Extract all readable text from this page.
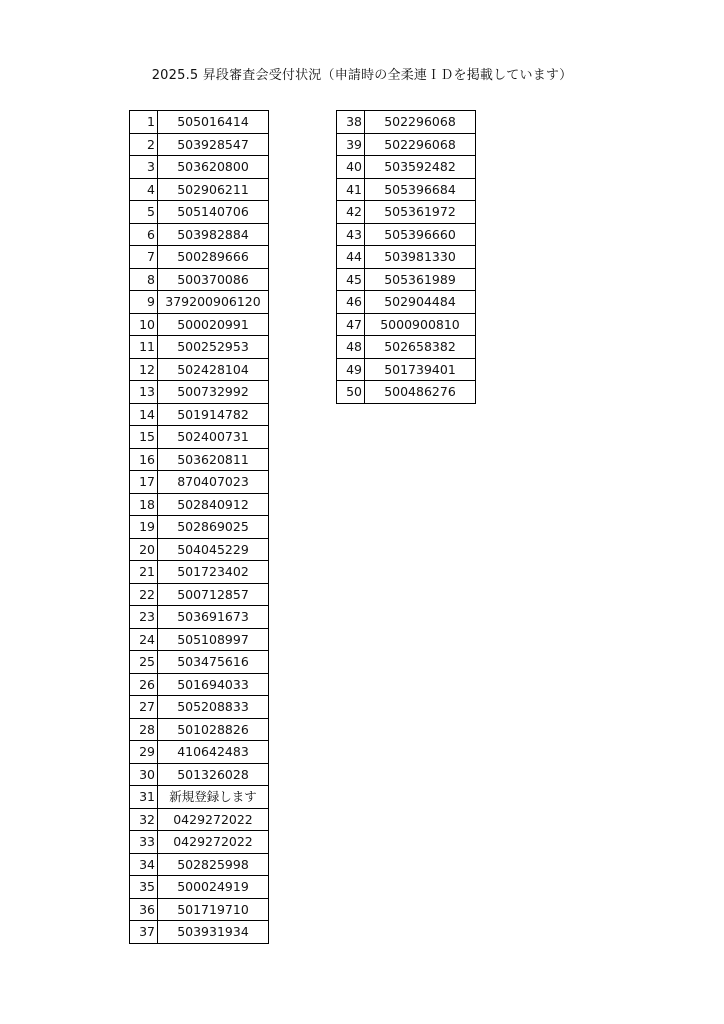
2025.5 昇段審査会受付状況（申請時の全柔連ＩＤを掲載しています）
1	505016414
2	503928547
3	503620800
4	502906211
5	505140706
6	503982884
7	500289666
8	500370086
9	379200906120
10	500020991
11	500252953
12	502428104
13	500732992
14	501914782
15	502400731
16	503620811
17	870407023
18	502840912
19	502869025
20	504045229
21	501723402
22	500712857
23	503691673
24	505108997
25	503475616
26	501694033
27	505208833
28	501028826
29	410642483
30	501326028
31	新規登録します
32	0429272022
33	0429272022
34	502825998
35	500024919
36	501719710
37	503931934
38	502296068
39	502296068
40	503592482
41	505396684
42	505361972
43	505396660
44	503981330
45	505361989
46	502904484
47	5000900810
48	502658382
49	501739401
50	500486276
